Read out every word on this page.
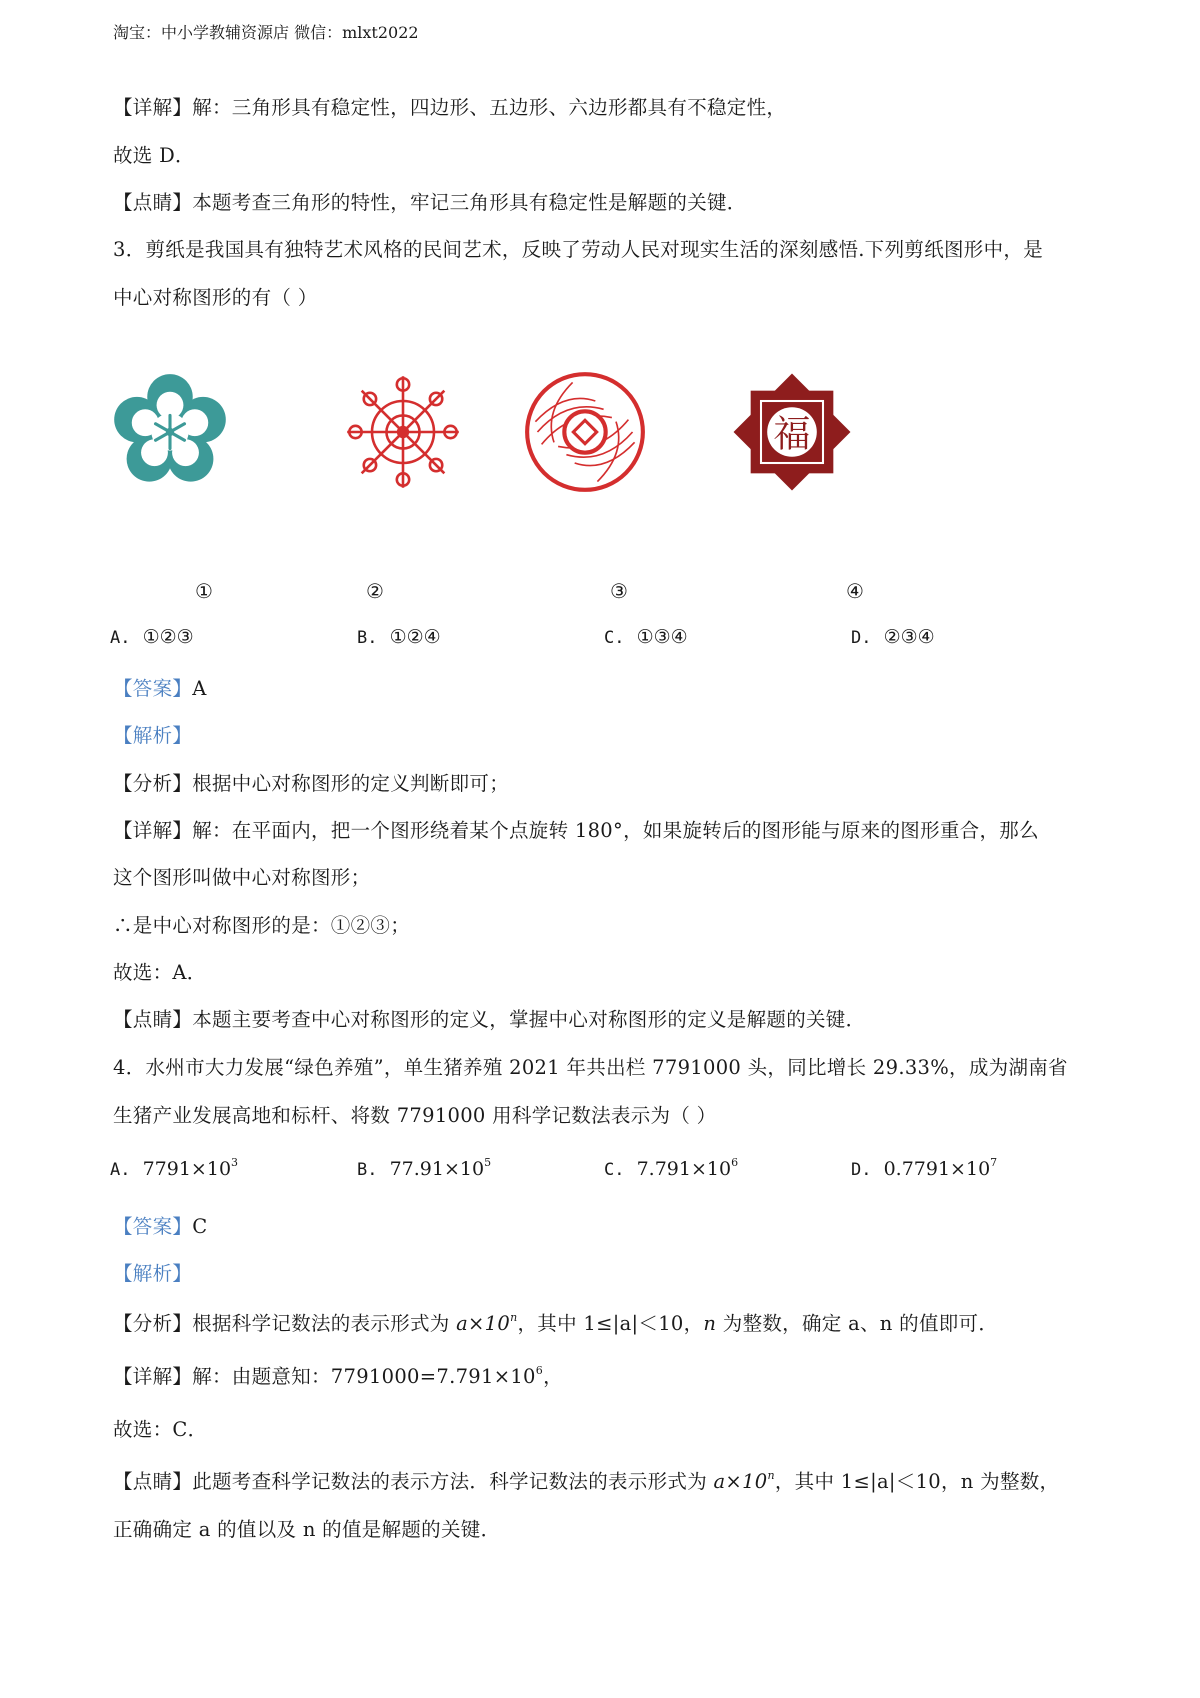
淘宝：中小学教辅资源店 微信：mlxt2022
【详解】解：三角形具有稳定性，四边形、五边形、六边形都具有不稳定性，
故选 D．
【点睛】本题考查三角形的特性，牢记三角形具有稳定性是解题的关键．
3．剪纸是我国具有独特艺术风格的民间艺术，反映了劳动人民对现实生活的深刻感悟.下列剪纸图形中，是
中心对称图形的有（ ）
福
①	②	③	④
A. ①②③	B. ①②④	C. ①③④	D. ②③④
【答案】A
【解析】
【分析】根据中心对称图形的定义判断即可；
【详解】解：在平面内，把一个图形绕着某个点旋转 180°，如果旋转后的图形能与原来的图形重合，那么
这个图形叫做中心对称图形；
∴是中心对称图形的是：①②③；
故选：A．
【点睛】本题主要考查中心对称图形的定义，掌握中心对称图形的定义是解题的关键．
4．水州市大力发展“绿色养殖”，单生猪养殖 2021 年共出栏 7791000 头，同比增长 29.33%，成为湖南省
生猪产业发展高地和标杆、将数 7791000 用科学记数法表示为（ ）
A. $7791\times 10^3$	B. $77.91\times 10^5$	C. $7.791\times 10^6$	D. $0.7791\times 10^7$
【答案】C
【解析】
【分析】根据科学记数法的表示形式为 $a\times 10^n$，其中 1≤|a|＜10，n 为整数，确定 a、n 的值即可．
【详解】解：由题意知：$7791000=7.791\times 10^6$，
故选：C．
【点睛】此题考查科学记数法的表示方法．科学记数法的表示形式为 $a\times 10^n$，其中 1≤|a|＜10，n 为整数，
正确确定 a 的值以及 n 的值是解题的关键．
